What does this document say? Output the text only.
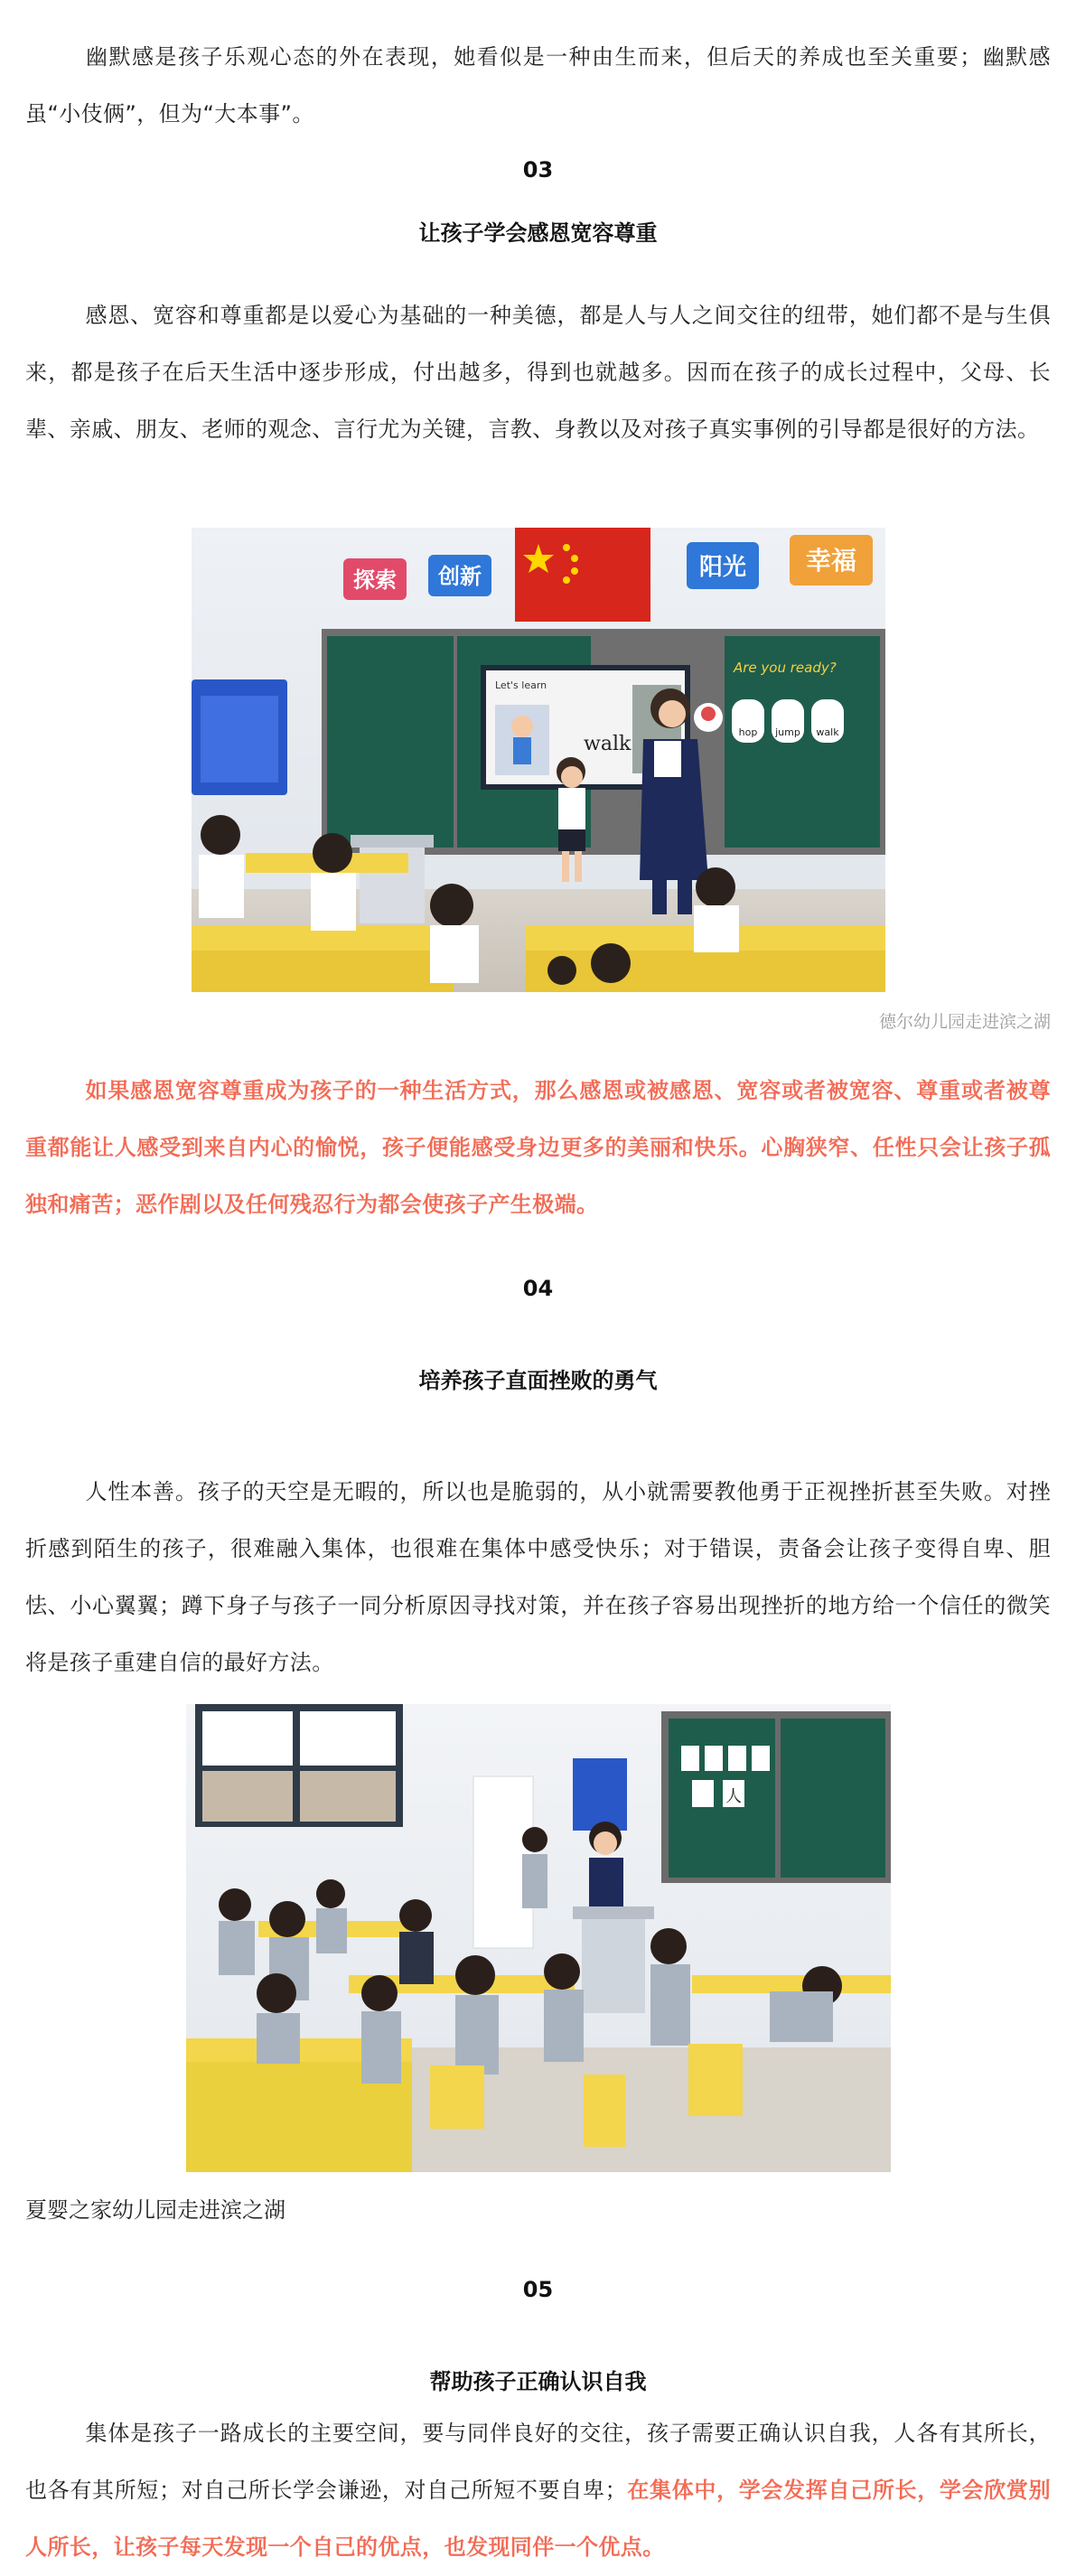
幽默感是孩子乐观心态的外在表现，她看似是一种由生而来，但后天的养成也至关重要；幽默感虽“小伎俩”，但为“大本事”。

03

让孩子学会感恩宽容尊重

感恩、宽容和尊重都是以爱心为基础的一种美德，都是人与人之间交往的纽带，她们都不是与生俱来，都是孩子在后天生活中逐步形成，付出越多，得到也就越多。因而在孩子的成长过程中，父母、长辈、亲戚、朋友、老师的观念、言行尤为关键，言教、身教以及对孩子真实事例的引导都是很好的方法。

探索 创新	阳光 幸福
Let's learn
walk
Are you ready?
hop jump walk

德尔幼儿园走进滨之湖

如果感恩宽容尊重成为孩子的一种生活方式，那么感恩或被感恩、宽容或者被宽容、尊重或者被尊重都能让人感受到来自内心的愉悦，孩子便能感受身边更多的美丽和快乐。心胸狭窄、任性只会让孩子孤独和痛苦；恶作剧以及任何残忍行为都会使孩子产生极端。

04

培养孩子直面挫败的勇气

人性本善。孩子的天空是无暇的，所以也是脆弱的，从小就需要教他勇于正视挫折甚至失败。对挫折感到陌生的孩子，很难融入集体，也很难在集体中感受快乐；对于错误，责备会让孩子变得自卑、胆怯、小心翼翼；蹲下身子与孩子一同分析原因寻找对策，并在孩子容易出现挫折的地方给一个信任的微笑将是孩子重建自信的最好方法。

人

夏婴之家幼儿园走进滨之湖

05

帮助孩子正确认识自我

集体是孩子一路成长的主要空间，要与同伴良好的交往，孩子需要正确认识自我，人各有其所长，也各有其所短；对自己所长学会谦逊，对自己所短不要自卑；在集体中，学会发挥自己所长，学会欣赏别人所长，让孩子每天发现一个自己的优点，也发现同伴一个优点。
